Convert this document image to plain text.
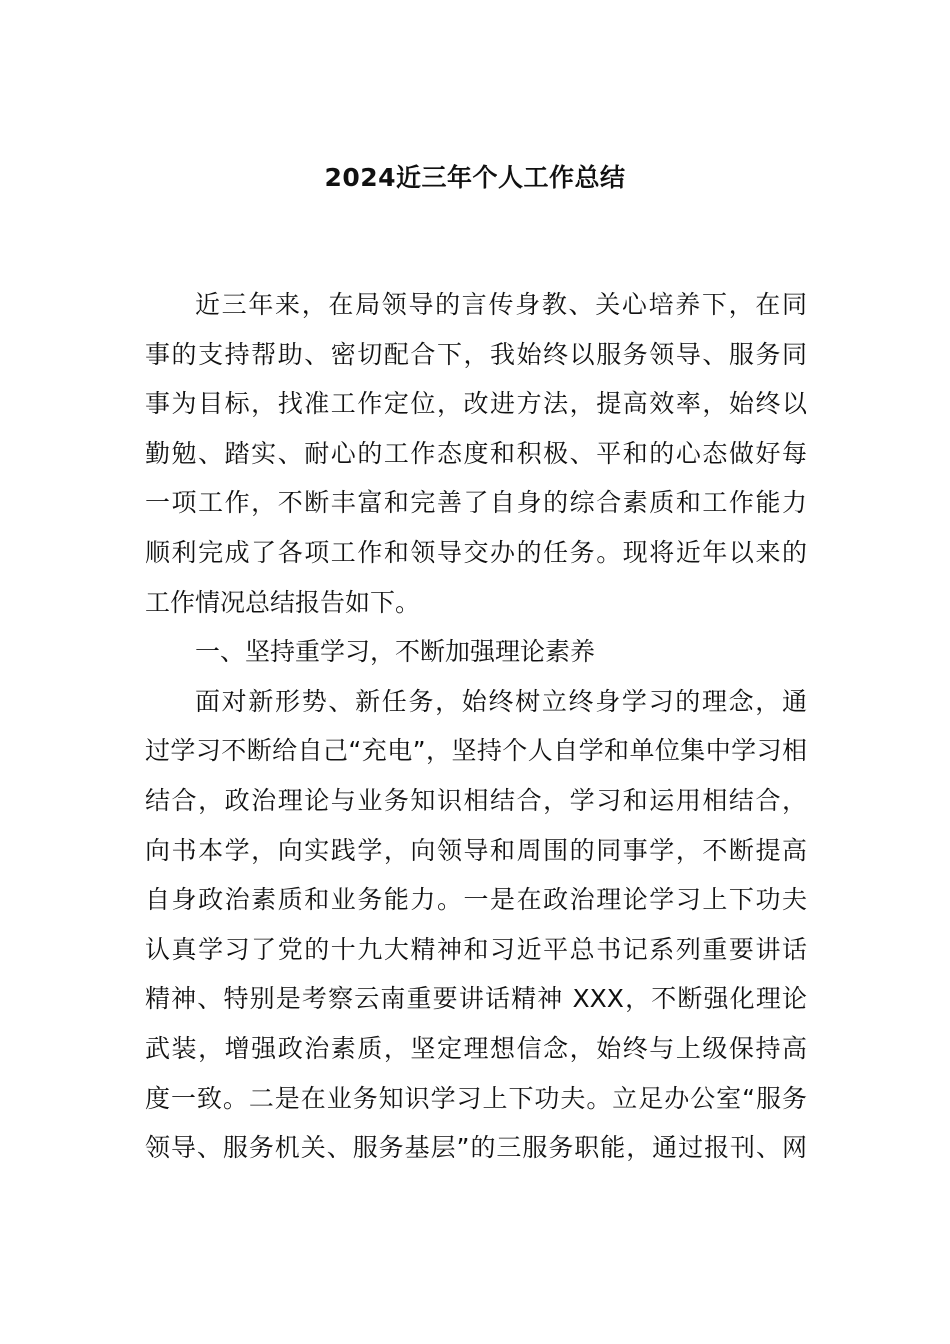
2024近三年个人工作总结
近三年来，在局领导的言传身教、关心培养下，在同
事的支持帮助、密切配合下，我始终以服务领导、服务同
事为目标，找准工作定位，改进方法，提高效率，始终以
勤勉、踏实、耐心的工作态度和积极、平和的心态做好每
一项工作，不断丰富和完善了自身的综合素质和工作能力
顺利完成了各项工作和领导交办的任务。现将近年以来的
工作情况总结报告如下。
一、坚持重学习，不断加强理论素养
面对新形势、新任务，始终树立终身学习的理念，通
过学习不断给自己“充电”，坚持个人自学和单位集中学习相
结合，政治理论与业务知识相结合，学习和运用相结合，
向书本学，向实践学，向领导和周围的同事学，不断提高
自身政治素质和业务能力。一是在政治理论学习上下功夫
认真学习了党的十九大精神和习近平总书记系列重要讲话
精神、特别是考察云南重要讲话精神 XXX，不断强化理论
武装，增强政治素质，坚定理想信念，始终与上级保持高
度一致。二是在业务知识学习上下功夫。立足办公室“服务
领导、服务机关、服务基层”的三服务职能，通过报刊、网
